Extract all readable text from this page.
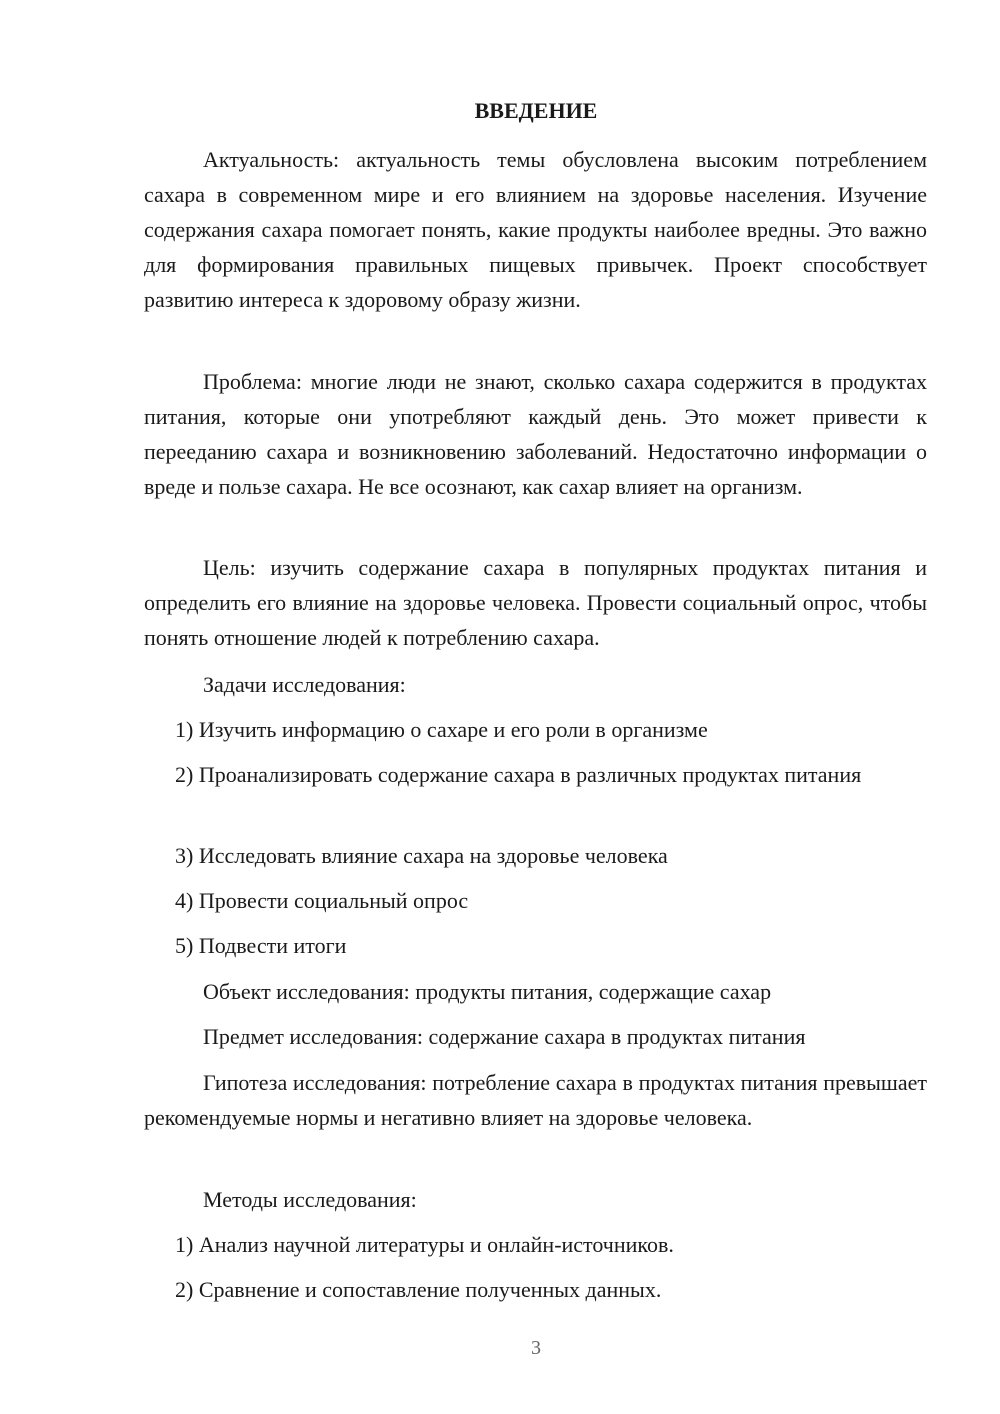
ВВЕДЕНИЕ

Актуальность: актуальность темы обусловлена высоким потреблением сахара в современном мире и его влиянием на здоровье населения. Изучение содержания сахара помогает понять, какие продукты наиболее вредны. Это важно для формирования правильных пищевых привычек. Проект способствует развитию интереса к здоровому образу жизни.

Проблема: многие люди не знают, сколько сахара содержится в продуктах питания, которые они употребляют каждый день. Это может привести к перееданию сахара и возникновению заболеваний. Недостаточно информации о вреде и пользе сахара. Не все осознают, как сахар влияет на организм.

Цель: изучить содержание сахара в популярных продуктах питания и определить его влияние на здоровье человека. Провести социальный опрос, чтобы понять отношение людей к потреблению сахара.

Задачи исследования:

1) Изучить информацию о сахаре и его роли в организме

2) Проанализировать содержание сахара в различных продуктах питания

3) Исследовать влияние сахара на здоровье человека

4) Провести социальный опрос

5) Подвести итоги

Объект исследования: продукты питания, содержащие сахар

Предмет исследования: содержание сахара в продуктах питания

Гипотеза исследования: потребление сахара в продуктах питания превышает рекомендуемые нормы и негативно влияет на здоровье человека.

Методы исследования:

1) Анализ научной литературы и онлайн-источников.

2) Сравнение и сопоставление полученных данных.

3
